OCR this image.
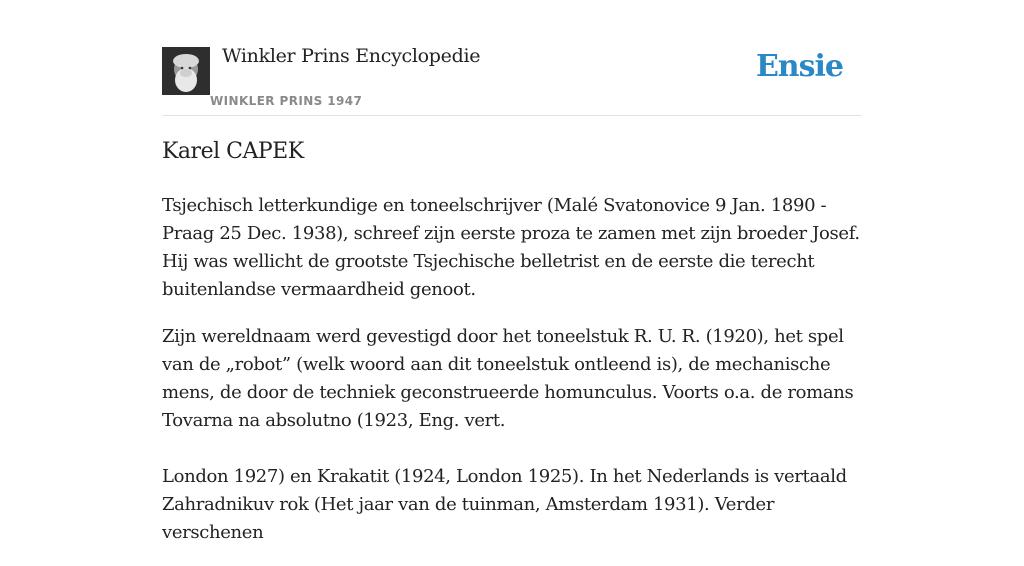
Winkler Prins Encyclopedie
WINKLER PRINS 1947
Ensie
Karel CAPEK

Tsjechisch letterkundige en toneelschrijver (Malé Svatonovice 9 Jan. 1890 - Praag 25 Dec. 1938), schreef zijn eerste proza te zamen met zijn broeder Josef. Hij was wellicht de grootste Tsjechische belletrist en de eerste die terecht buitenlandse vermaardheid genoot.

Zijn wereldnaam werd gevestigd door het toneelstuk R. U. R. (1920), het spel van de „robot” (welk woord aan dit toneelstuk ontleend is), de mechanische mens, de door de techniek geconstrueerde homunculus. Voorts o.a. de romans Tovarna na absolutno (1923, Eng. vert.

London 1927) en Krakatit (1924, London 1925). In het Nederlands is vertaald Zahradnikuv rok (Het jaar van de tuinman, Amsterdam 1931). Verder verschenen
